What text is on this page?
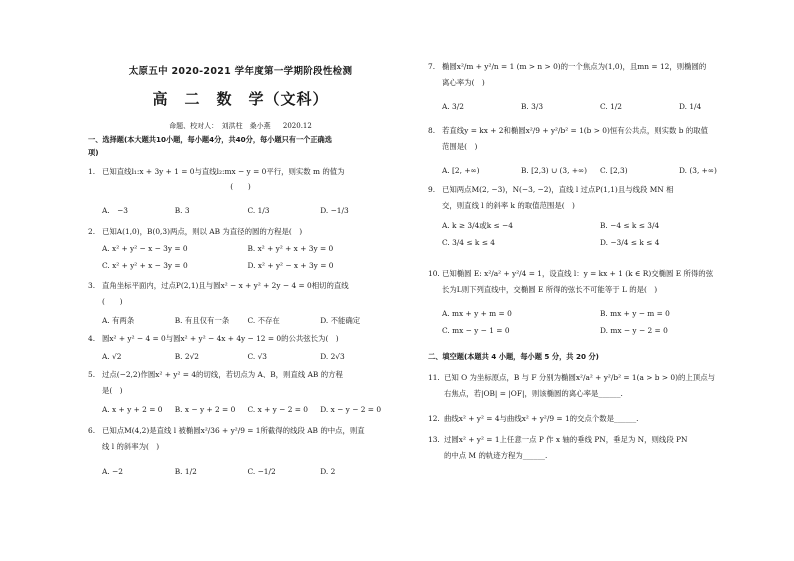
太原五中 2020-2021 学年度第一学期阶段性检测
高　二　数　学（文科）
命题、校对人：　刘洪柱　桑小燕 2020.12
一、选择题(本大题共10小题，每小题4分，共40分，每小题只有一个正确选
项)
1. 已知直线l₁:x + 3y + 1 = 0与直线l₂:mx − y = 0平行，则实数 m 的值为
(　　)
A.　−3	B. 3	C. 1/3	D. −1/3
2. 已知A(1,0)，B(0,3)两点，则以 AB 为直径的圆的方程是(　)
A. x² + y² − x − 3y = 0	B. x² + y² + x + 3y = 0
C. x² + y² + x − 3y = 0	D. x² + y² − x + 3y = 0
3. 直角坐标平面内，过点P(2,1)且与圆x² − x + y² + 2y − 4 = 0相切的直线
(　　)
A. 有两条	B. 有且仅有一条	C. 不存在	D. 不能确定
4. 圆x² + y² − 4 = 0与圆x² + y² − 4x + 4y − 12 = 0的公共弦长为(　)
A. √2	B. 2√2	C. √3	D. 2√3
5. 过点(−2,2)作圆x² + y² = 4的切线，若切点为 A、B，则直线 AB 的方程
是(　)
A. x + y + 2 = 0	B. x − y + 2 = 0	C. x + y − 2 = 0	D. x − y − 2 = 0
6. 已知点M(4,2)是直线 l 被椭圆x²/36 + y²/9 = 1所截得的线段 AB 的中点，则直
线 l 的斜率为(　)
A. −2	B. 1/2	C. −1/2	D. 2
7. 椭圆x²/m + y²/n = 1 (m > n > 0)的一个焦点为(1,0)，且mn = 12，则椭圆的
离心率为(　)
A. 3/2	B. 3/3	C. 1/2	D. 1/4
8. 若直线y = kx + 2和椭圆x²/9 + y²/b² = 1(b > 0)恒有公共点，则实数 b 的取值
范围是(　)
A. [2, +∞)	B. [2,3) ∪ (3, +∞)	C. [2,3)	D. (3, +∞)
9. 已知两点M(2, −3)，N(−3, −2)，直线 l 过点P(1,1)且与线段 MN 相
交，则直线 l 的斜率 k 的取值范围是(　)
A. k ≥ 3/4或k ≤ −4	B. −4 ≤ k ≤ 3/4
C. 3/4 ≤ k ≤ 4	D. −3/4 ≤ k ≤ 4
10. 已知椭圆 E: x²/a² + y²/4 = 1，设直线 l：y = kx + 1 (k ∈ R)交椭圆 E 所得的弦
长为L则下列直线中，交椭圆 E 所得的弦长不可能等于 L 的是(　)
A. mx + y + m = 0	B. mx + y − m = 0
C. mx − y − 1 = 0	D. mx − y − 2 = 0
二、填空题(本题共 4 小题，每小题 5 分，共 20 分)
11. 已知 O 为坐标原点，B 与 F 分别为椭圆x²/a² + y²/b² = 1(a > b > 0)的上顶点与
右焦点，若|OB| = |OF|，则该椭圆的离心率是______.
12. 曲线x² + y² = 4与曲线x² + y²/9 = 1的交点个数是______.
13. 过圆x² + y² = 1上任意一点 P 作 x 轴的垂线 PN，垂足为 N，则线段 PN
的中点 M 的轨迹方程为______.
